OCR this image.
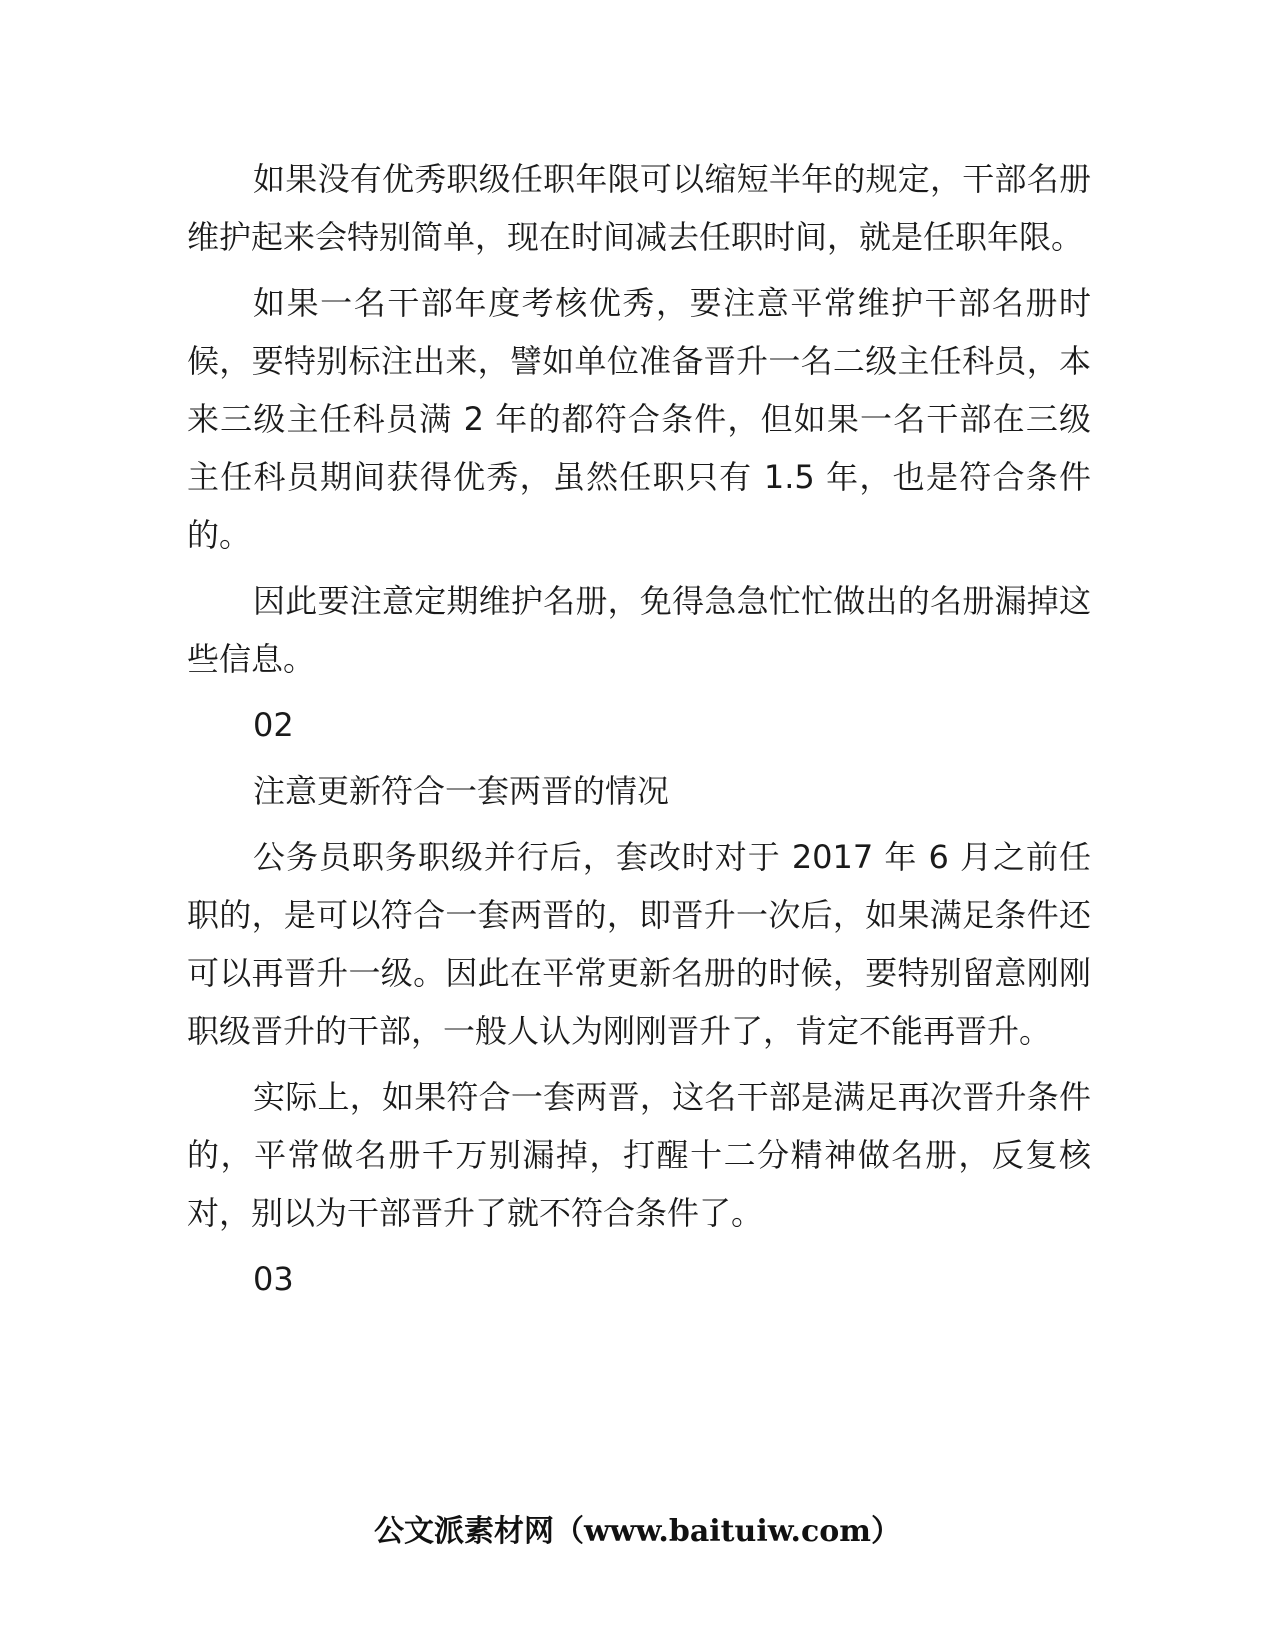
如果没有优秀职级任职年限可以缩短半年的规定，干部名册维护起来会特别简单，现在时间减去任职时间，就是任职年限。

如果一名干部年度考核优秀，要注意平常维护干部名册时候，要特别标注出来，譬如单位准备晋升一名二级主任科员，本来三级主任科员满 2 年的都符合条件，但如果一名干部在三级主任科员期间获得优秀，虽然任职只有 1.5 年，也是符合条件的。

因此要注意定期维护名册，免得急急忙忙做出的名册漏掉这些信息。

02

注意更新符合一套两晋的情况

公务员职务职级并行后，套改时对于 2017 年 6 月之前任职的，是可以符合一套两晋的，即晋升一次后，如果满足条件还可以再晋升一级。因此在平常更新名册的时候，要特别留意刚刚职级晋升的干部，一般人认为刚刚晋升了，肯定不能再晋升。

实际上，如果符合一套两晋，这名干部是满足再次晋升条件的，平常做名册千万别漏掉，打醒十二分精神做名册，反复核对，别以为干部晋升了就不符合条件了。

03

公文派素材网（www.baituiw.com）
